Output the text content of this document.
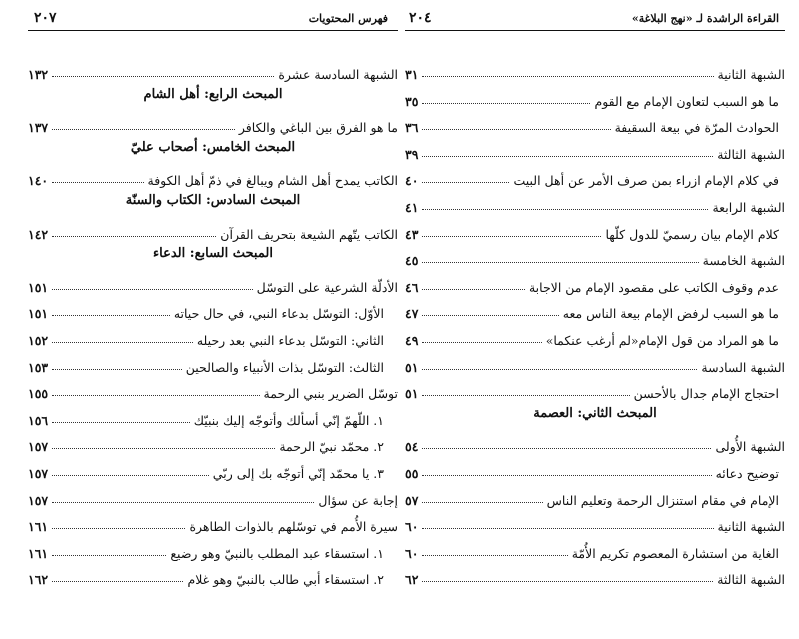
القراءة الراشدة لـ «نهج البلاغة»
٢٠٤
الشبهة الثانية
٣١
ما هو السبب لتعاون الإمام مع القوم
٣٥
الحوادث المرّة في بيعة السقيفة
٣٦
الشبهة الثالثة
٣٩
في كلام الإمام ازراء بمن صرف الأمر عن أهل البيت
٤٠
الشبهة الرابعة
٤١
كلام الإمام بيان رسميّ للدول كلّها
٤٣
الشبهة الخامسة
٤٥
عدم وقوف الكاتب على مقصود الإمام من الاجابة
٤٦
ما هو السبب لرفض الإمام بيعة الناس معه
٤٧
ما هو المراد من قول الإمام«لم أرغب عنكما»
٤٩
الشبهة السادسة
٥١
احتجاج الإمام جدال بالأحسن
٥١
المبحث الثاني: العصمة
الشبهة الأُولى
٥٤
توضيح دعائه
٥٥
الإمام في مقام استنزال الرحمة وتعليم الناس
٥٧
الشبهة الثانية
٦٠
الغاية من استشارة المعصوم تكريم الأُمّة
٦٠
الشبهة الثالثة
٦٢
فهرس المحتويات
٢٠٧
الشبهة السادسة عشرة
١٣٢
المبحث الرابع: أهل الشام
ما هو الفرق بين الباغي والكافر
١٣٧
المبحث الخامس: أصحاب عليّ
الكاتب يمدح أهل الشام ويبالغ في ذمّ أهل الكوفة
١٤٠
المبحث السادس: الكتاب والسنّة
الكاتب يتّهم الشيعة بتحريف القرآن
١٤٢
المبحث السابع: الدعاء
الأدلّة الشرعية على التوسّل
١٥١
الأوّل: التوسّل بدعاء النبي، في حال حياته
١٥١
الثاني: التوسّل بدعاء النبي بعد رحيله
١٥٢
الثالث: التوسّل بذات الأنبياء والصالحين
١٥٣
توسّل الضرير بنبي الرحمة
١٥٥
١. اللّهمّ إنّي أسألك وأتوجّه إليك بنبيّك
١٥٦
٢. محمّد نبيّ الرحمة
١٥٧
٣. يا محمّد إنّي أتوجّه بك إلى ربّي
١٥٧
إجابة عن سؤال
١٥٧
سيرة الأُمم في توسّلهم بالذوات الطاهرة
١٦١
١. استسقاء عبد المطلب بالنبيّ وهو رضيع
١٦١
٢. استسقاء أبي طالب بالنبيّ وهو غلام
١٦٢
